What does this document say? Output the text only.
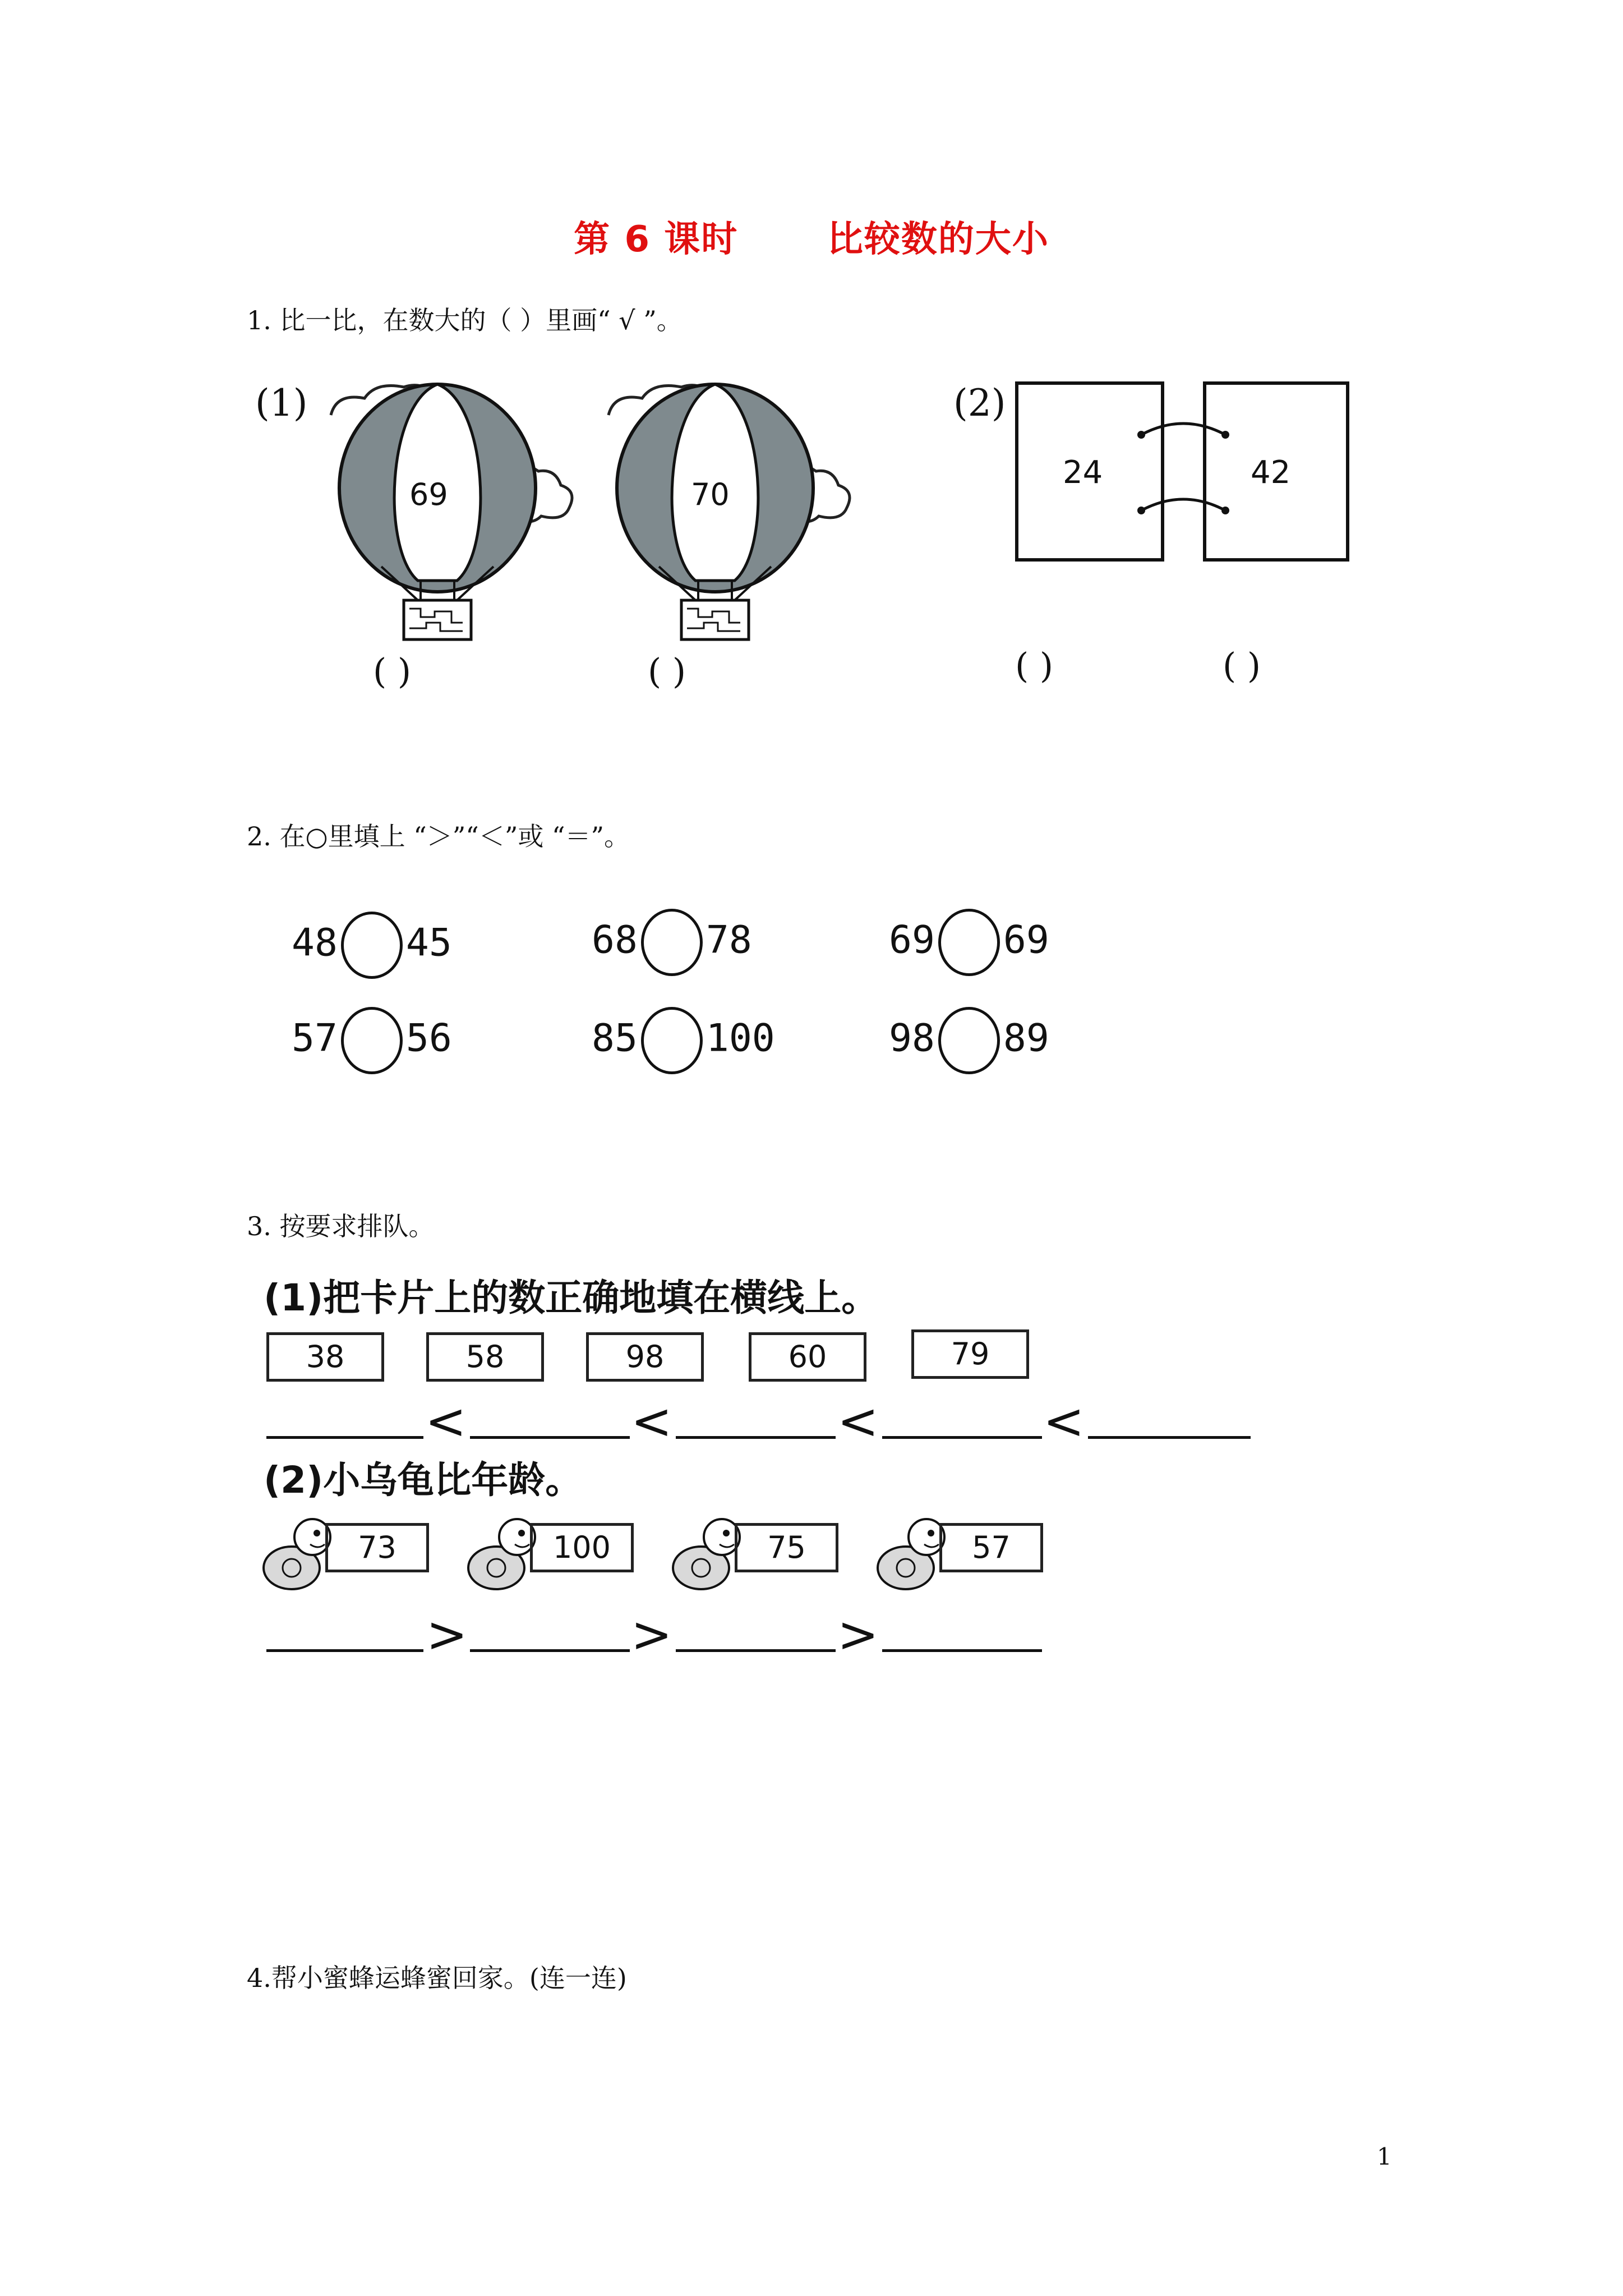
第 6 课时 比较数的大小
1. 比一比，在数大的（ ）里画“ √ ”。
(1)
69	70
( )	( )
(2)
24	42
( )	( )
2. 在○里填上 “＞”“＜”或 “＝”。
48 45	68 78	69 69
57 56	85 100	98 89
3. 按要求排队。
(1)把卡片上的数正确地填在横线上。
38	58	98	60	79
<	<	<	<
(2)小乌龟比年龄。
73	100	75	57
>	>	>
4.帮小蜜蜂运蜂蜜回家。(连一连)
1
